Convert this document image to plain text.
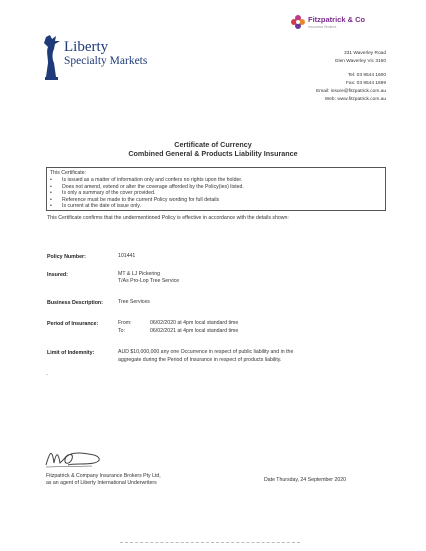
Liberty
Specialty Markets
Fitzpatrick & Co
Insurance Brokers
331 Waverley Road
Glen Waverley Vic 3150
Tel: 03 8544 1600
Fax: 03 8544 1699
Email: insure@fitzpatrick.com.au
Web: www.fitzpatrick.com.au
Certificate of Currency
Combined General & Products Liability Insurance
This Certificate:
• Is issued as a matter of information only and confers no rights upon the holder.
• Does not amend, extend or alter the coverage afforded by the Policy(ies) listed.
• Is only a summary of the cover provided.
• Reference must be made to the current Policy wording for full details
• Is current at the date of issue only.
This Certificate confirms that the undermentioned Policy is effective in accordance with the details shown:
Policy Number:	101441
Insured:	MT & LJ Pickering
T/As Pro-Lop Tree Service
Business Description:	Tree Services
Period of Insurance:	From:	06/02/2020 at 4pm local standard time
To:	06/02/2021 at 4pm local standard time
Limit of Indemnity:	AUD $10,000,000 any one Occurrence in respect of public liability and in the
aggregate during the Period of Insurance in respect of products liability.
·
Fitzpatrick & Company Insurance Brokers Pty Ltd,
as an agent of Liberty International Underwriters
Date Thursday, 24 September 2020
